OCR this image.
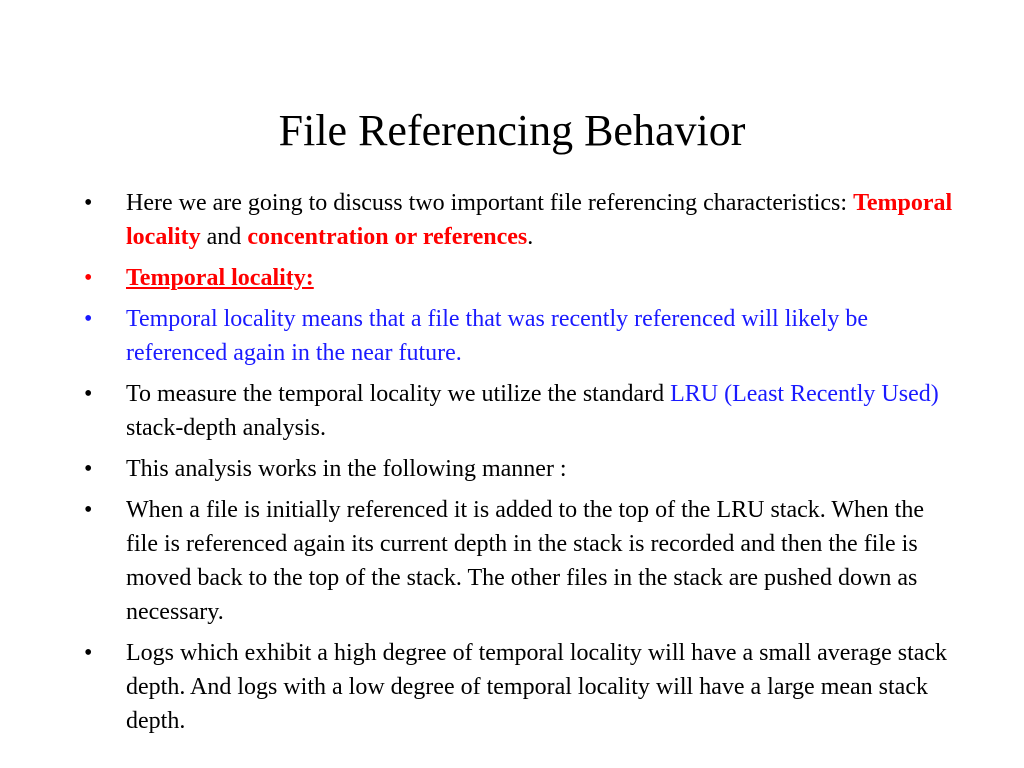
File Referencing Behavior
•	Here we are going to discuss two important file referencing characteristics: Temporal locality and concentration or references.
•	Temporal locality:
•	Temporal locality means that a file that was recently referenced will likely be referenced again in the near future.
•	To measure the temporal locality we utilize the standard LRU (Least Recently Used) stack-depth analysis.
•	This analysis works in the following manner :
•	When a file is initially referenced it is added to the top of the LRU stack. When the file is referenced again its current depth in the stack is recorded and then the file is moved back to the top of the stack. The other files in the stack are pushed down as necessary.
•	Logs which exhibit a high degree of temporal locality will have a small average stack depth. And logs with a low degree of temporal locality will have a large mean stack depth.
